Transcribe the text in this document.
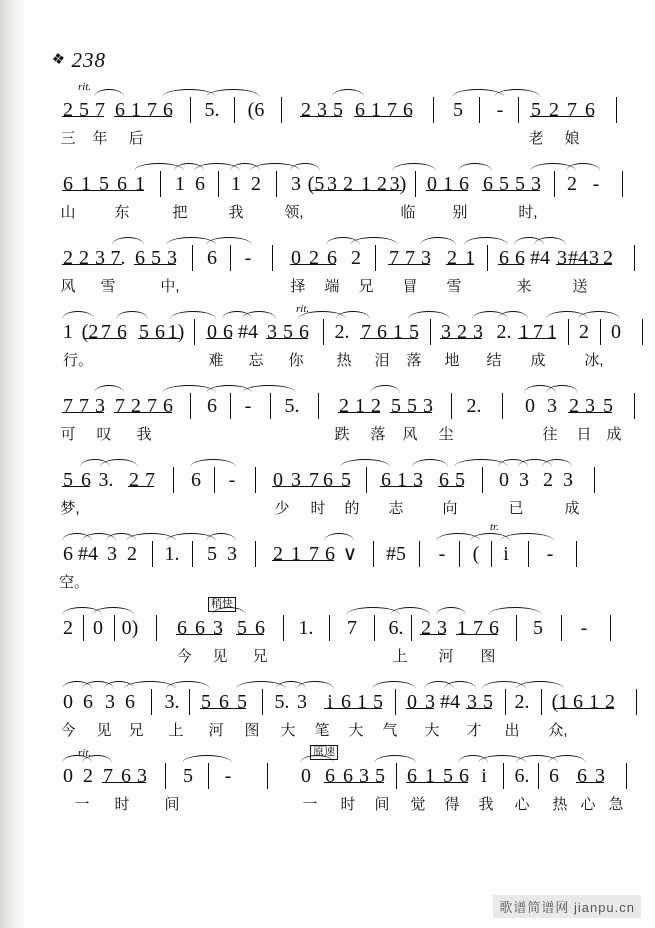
❖ 238
rit.
2 5 7 6 1 7 6 5. (6 2 3 5 6 1 7 6 5 - 5 2 7 6
三 年 后	老 娘
6 1 5 6 1 1 6 1 2 3 (5 3 2 1 2 3) 0 1 6 6 5 5 3 2 -
山	东	把	我	领,	临 别	时,
2 2 3 7. 6 5 3 6 - 0 2 6 2 7 7 3 2 1 6 6 #4 3 #4 3 2
风 雪	中,	择 端 兄 冒 雪	来	送
rit.
1 (2 7 6 5 6 1) 0 6 #4 3 5 6 2. 7 6 1 5 3 2 3 2. 1 7 1 2 0
行。	难 忘 你 热 泪 落 地 结 成	冰,
7 7 3 7 2 7 6 6 - 5. 2 1 2 5 5 3 2. 0 3 2 3 5
可 叹 我	跌 落 风 尘	往 日 成
5 6 3. 2 7 6 - 0 3 7 6 5 6 1 3 6 5 0 3 2 3
梦,	少 时 的 志	向	已	成
tr.
6 #4 3 2 1. 5 3 2 1 7 6 ∨ #5 - ( i -
空。
稍快
2 0 0) 6 6 3 5 6 1. 7 6. 2 3 1 7 6 5 -
今 见 兄	上 河 图
0 6 3 6 3. 5 6 5 5. 3 i 6 1 5 0 3 #4 3 5 2. (1 6 1 2
今 见 兄 上 河 图 大 笔 大 气 大 才 出 众,
rit.	原速
0 2 7 6 3 5 -	0 6 6 3 5 6 1 5 6 i 6. 6 6 3
一 时 间	一 时 间 觉 得 我 心 热 心 急
歌谱简谱网 jianpu.cn
